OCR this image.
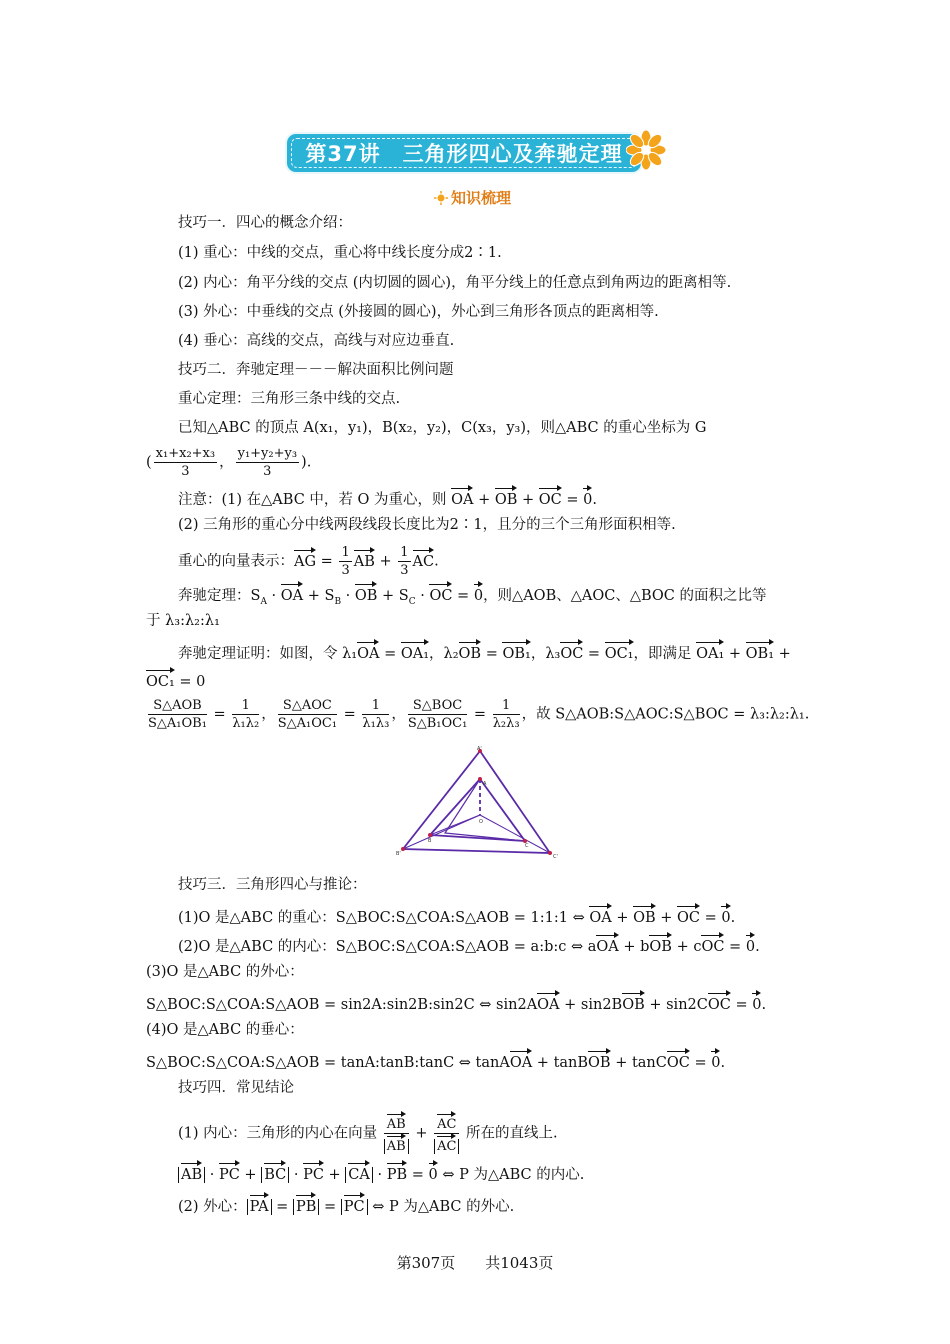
第37讲　三角形四心及奔驰定理
知识梳理
技巧一．四心的概念介绍：
(1) 重心：中线的交点，重心将中线长度分成2∶1.
(2) 内心：角平分线的交点 (内切圆的圆心)，角平分线上的任意点到角两边的距离相等.
(3) 外心：中垂线的交点 (外接圆的圆心)，外心到三角形各顶点的距离相等.
(4) 垂心：高线的交点，高线与对应边垂直.
技巧二．奔驰定理－－－解决面积比例问题
重心定理：三角形三条中线的交点.
已知△ABC 的顶点 A(x₁，y₁)，B(x₂，y₂)，C(x₃，y₃)，则△ABC 的重心坐标为 G
( $\frac{\text{x₁+x₂+x₃}}{3}$ ， $\frac{\text{y₁+y₂+y₃}}{3}$ ).
注意：(1) 在△ABC 中，若 O 为重心，则 OA + OB + OC = 0.
(2) 三角形的重心分中线两段线段长度比为2∶1，且分的三个三角形面积相等.
重心的向量表示：AG = $\frac{1}{3}$ AB + $\frac{1}{3}$ AC.
奔驰定理：$S_A$ · OA + $S_B$ · OB + $S_C$ · OC = 0，则△AOB、△AOC、△BOC 的面积之比等
于 λ₃:λ₂:λ₁
奔驰定理证明：如图，令 λ₁OA = OA₁，λ₂OB = OB₁，λ₃OC = OC₁，即满足 OA₁ + OB₁ +
OC₁ = 0
$\frac{\text{S△AOB}}{\text{S△A₁OB₁}} = \frac{1}{\text{λ₁λ₂}}$ ， $\frac{\text{S△AOC}}{\text{S△A₁OC₁}} = \frac{1}{\text{λ₁λ₃}}$ ， $\frac{\text{S△BOC}}{\text{S△B₁OC₁}} = \frac{1}{\text{λ₂λ₃}}$ ，故 S△AOB:S△AOC:S△BOC = λ₃:λ₂:λ₁.
A'
A
O
B
C
B'	C'
技巧三．三角形四心与推论：
(1)O 是△ABC 的重心：S△BOC:S△COA:S△AOB = 1:1:1 ⇔ OA + OB + OC = 0.
(2)O 是△ABC 的内心：S△BOC:S△COA:S△AOB = a:b:c ⇔ aOA + bOB + cOC = 0.
(3)O 是△ABC 的外心：
S△BOC:S△COA:S△AOB = sin2A:sin2B:sin2C ⇔ sin2AOA + sin2BOB + sin2COC = 0.
(4)O 是△ABC 的垂心：
S△BOC:S△COA:S△AOB = tanA:tanB:tanC ⇔ tanAOA + tanBOB + tanCOC = 0.
技巧四．常见结论
(1) 内心：三角形的内心在向量 $\frac{AB}{AB} + \frac{AC}{AC}$ 所在的直线上.
AB · PC + BC · PC + CA · PB = 0 ⇔ P 为△ABC 的内心.
(2) 外心： PA = PB = PC ⇔ P 为△ABC 的外心.
第307页　　共1043页
